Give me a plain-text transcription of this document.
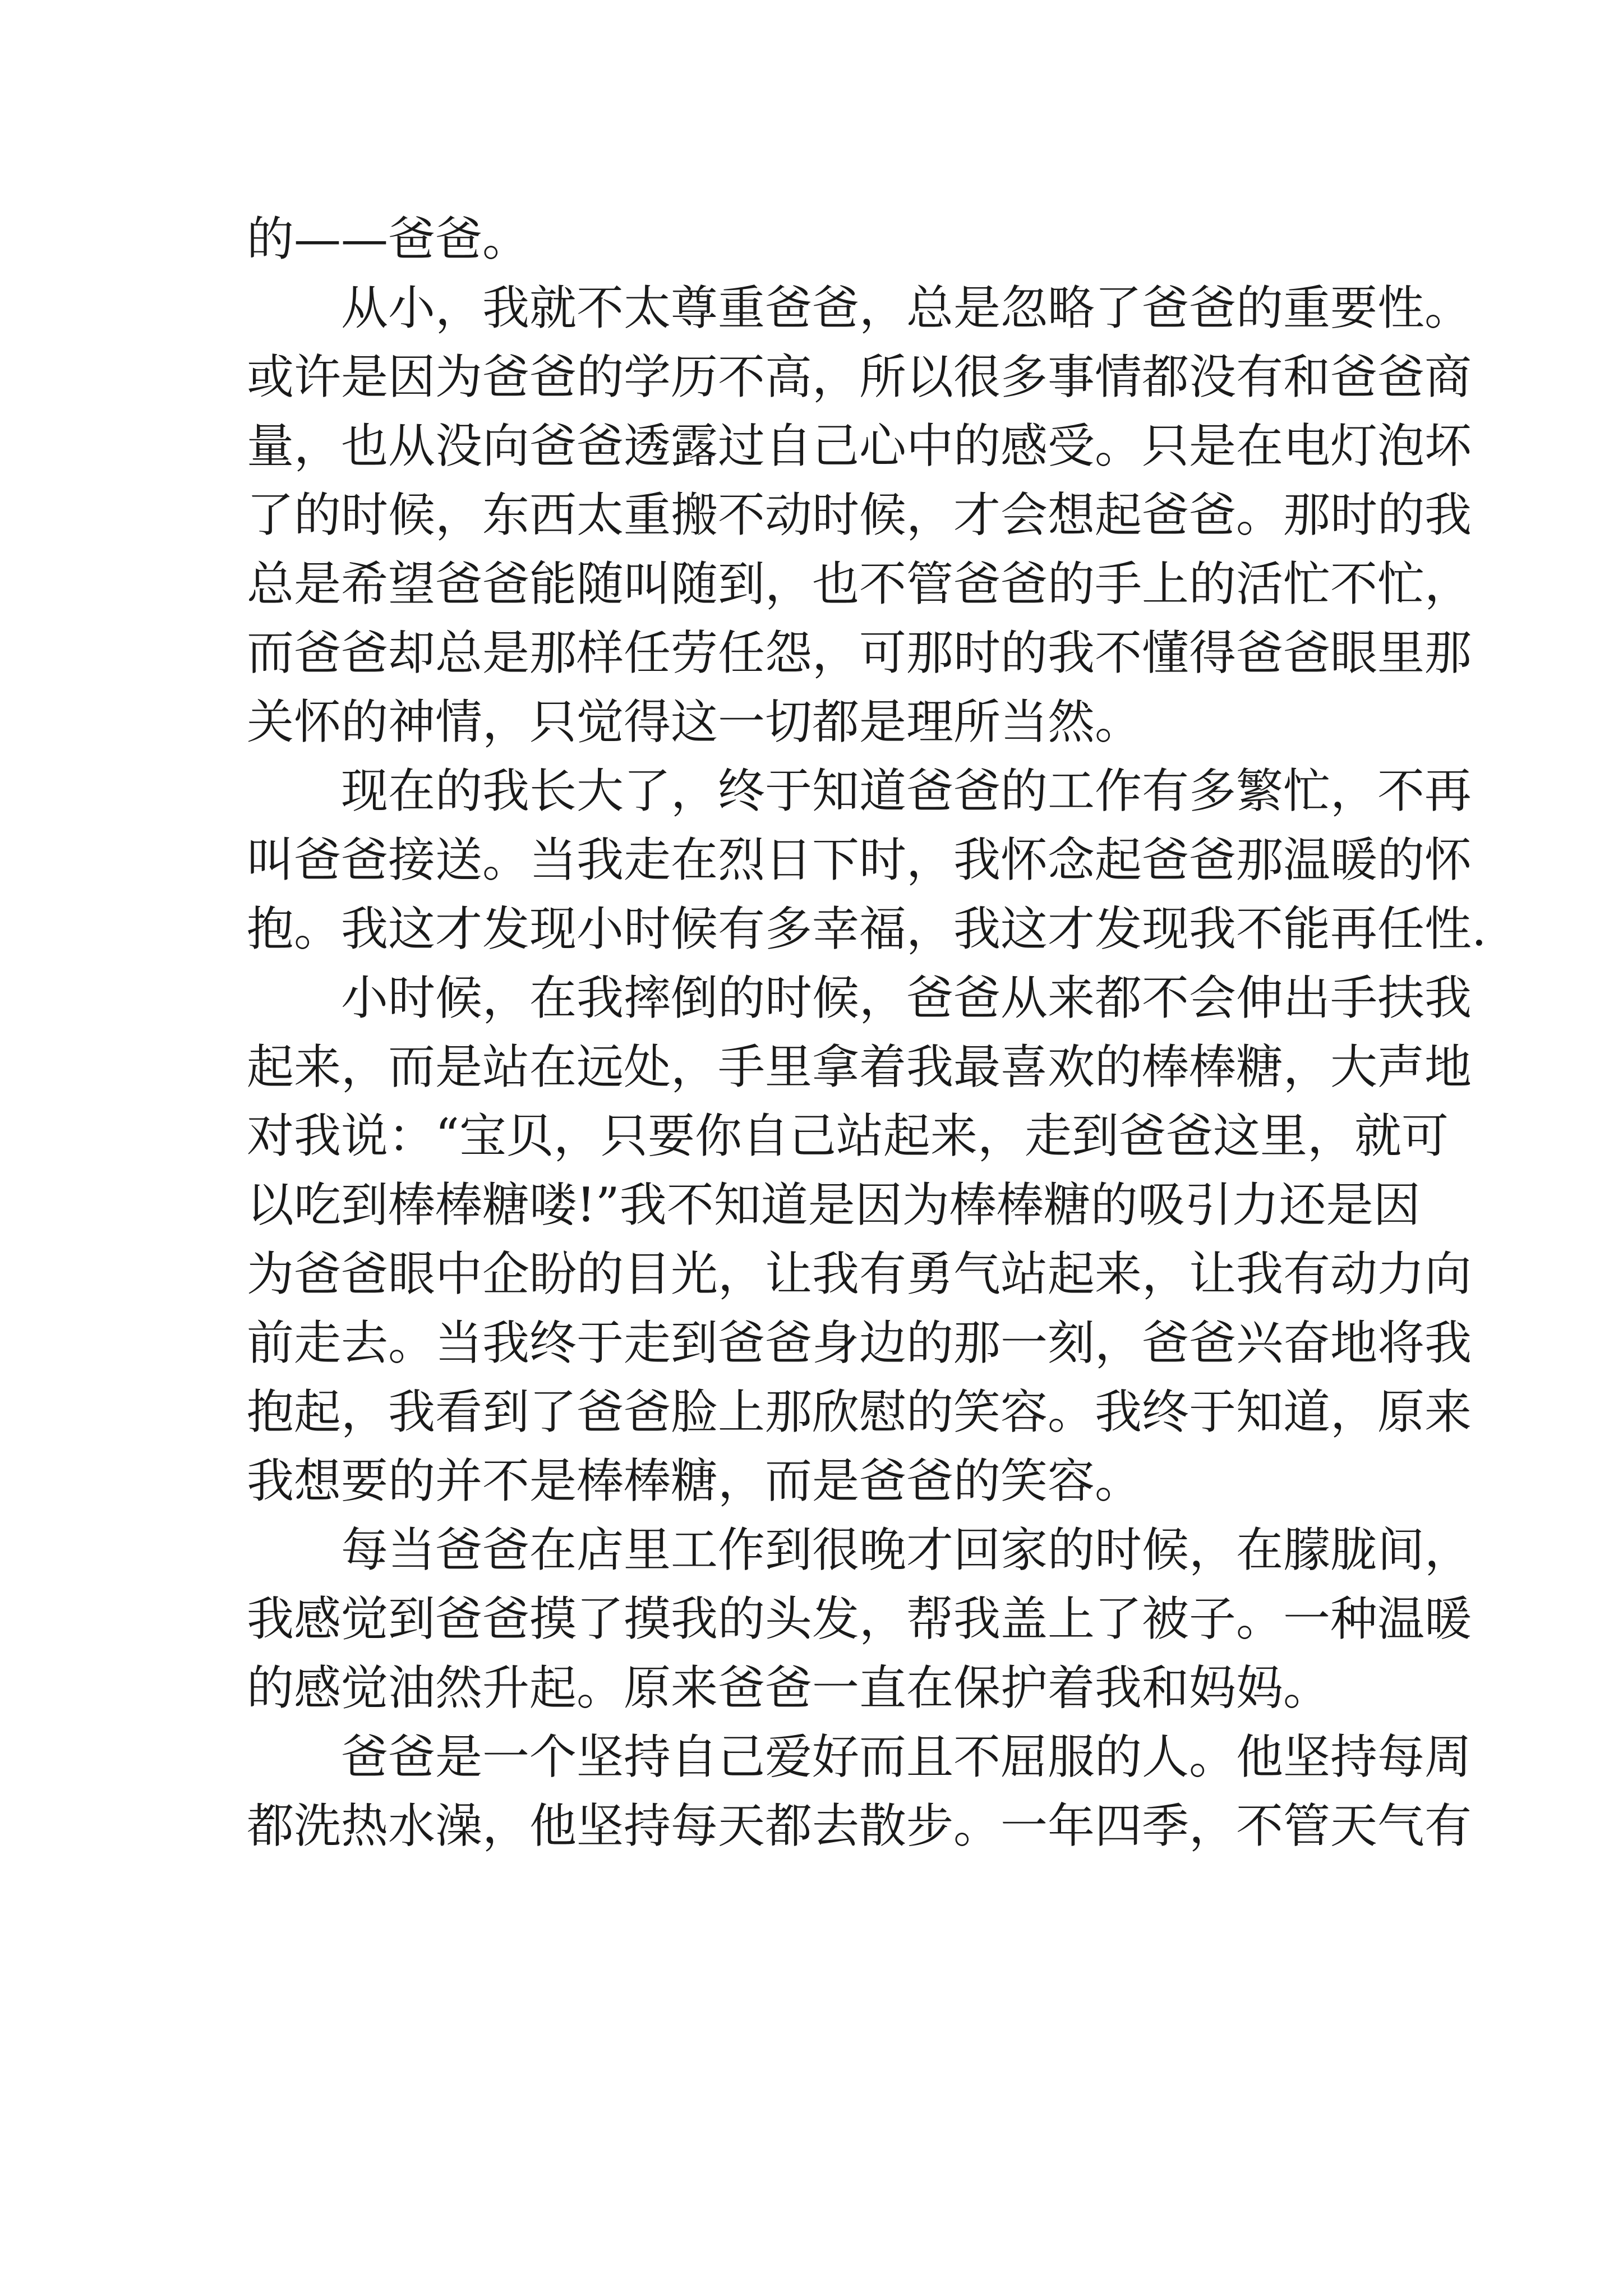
的——爸爸。
从小，我就不太尊重爸爸，总是忽略了爸爸的重要性。
或许是因为爸爸的学历不高，所以很多事情都没有和爸爸商
量，也从没向爸爸透露过自己心中的感受。只是在电灯泡坏
了的时候，东西太重搬不动时候，才会想起爸爸。那时的我
总是希望爸爸能随叫随到，也不管爸爸的手上的活忙不忙，
而爸爸却总是那样任劳任怨，可那时的我不懂得爸爸眼里那
关怀的神情，只觉得这一切都是理所当然。
现在的我长大了，终于知道爸爸的工作有多繁忙，不再
叫爸爸接送。当我走在烈日下时，我怀念起爸爸那温暖的怀
抱。我这才发现小时候有多幸福，我这才发现我不能再任性.
小时候，在我摔倒的时候，爸爸从来都不会伸出手扶我
起来，而是站在远处，手里拿着我最喜欢的棒棒糖，大声地
对我说：“宝贝，只要你自己站起来，走到爸爸这里，就可
以吃到棒棒糖喽!”我不知道是因为棒棒糖的吸引力还是因
为爸爸眼中企盼的目光，让我有勇气站起来，让我有动力向
前走去。当我终于走到爸爸身边的那一刻，爸爸兴奋地将我
抱起，我看到了爸爸脸上那欣慰的笑容。我终于知道，原来
我想要的并不是棒棒糖，而是爸爸的笑容。
每当爸爸在店里工作到很晚才回家的时候，在朦胧间，
我感觉到爸爸摸了摸我的头发，帮我盖上了被子。一种温暖
的感觉油然升起。原来爸爸一直在保护着我和妈妈。
爸爸是一个坚持自己爱好而且不屈服的人。他坚持每周
都洗热水澡，他坚持每天都去散步。一年四季，不管天气有
